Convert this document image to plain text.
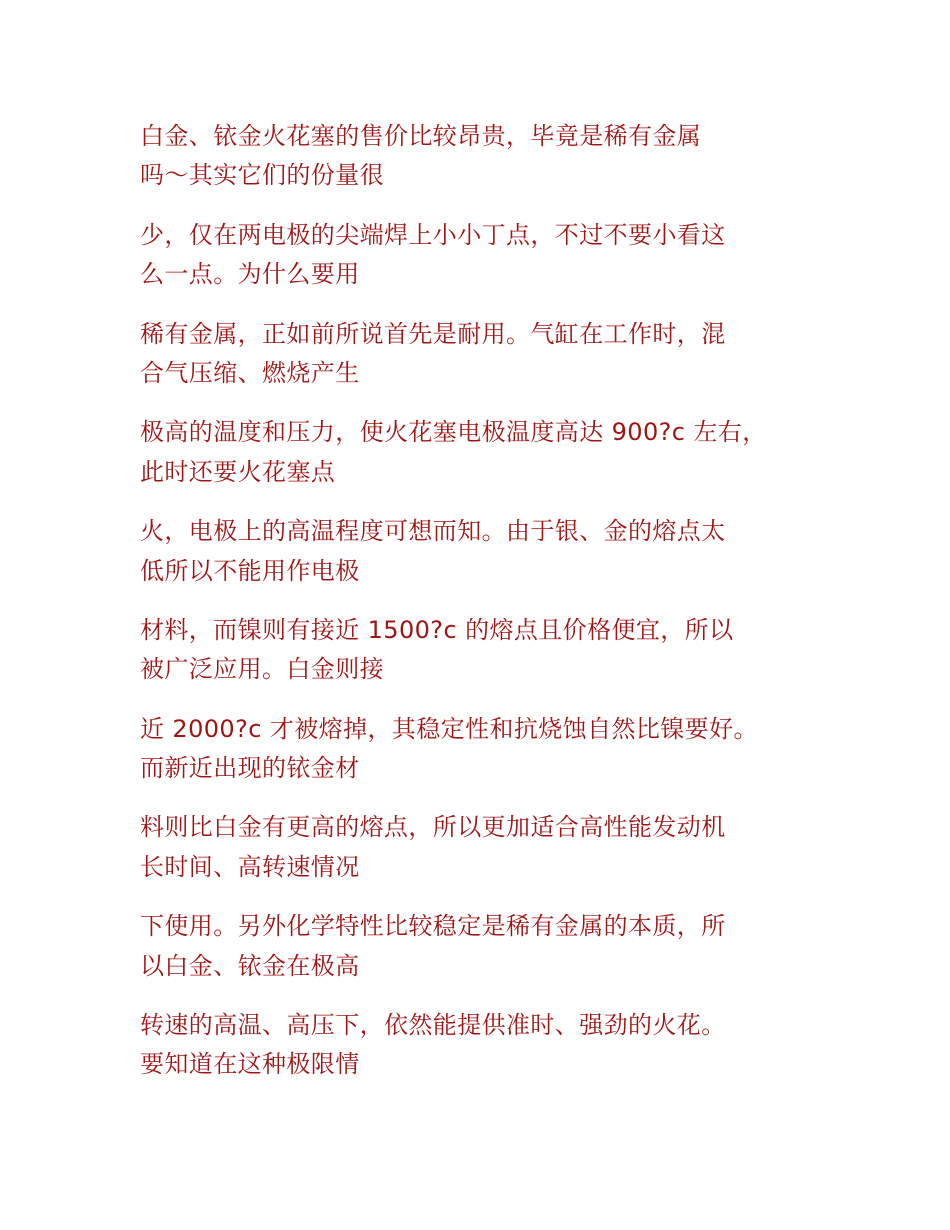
白金、铱金火花塞的售价比较昂贵，毕竟是稀有金属
吗～其实它们的份量很

少，仅在两电极的尖端焊上小小丁点，不过不要小看这
么一点。为什么要用

稀有金属，正如前所说首先是耐用。气缸在工作时，混
合气压缩、燃烧产生

极高的温度和压力，使火花塞电极温度高达 900?c 左右，
此时还要火花塞点

火，电极上的高温程度可想而知。由于银、金的熔点太
低所以不能用作电极

材料，而镍则有接近 1500?c 的熔点且价格便宜，所以
被广泛应用。白金则接

近 2000?c 才被熔掉，其稳定性和抗烧蚀自然比镍要好。
而新近出现的铱金材

料则比白金有更高的熔点，所以更加适合高性能发动机
长时间、高转速情况

下使用。另外化学特性比较稳定是稀有金属的本质，所
以白金、铱金在极高

转速的高温、高压下，依然能提供准时、强劲的火花。
要知道在这种极限情
